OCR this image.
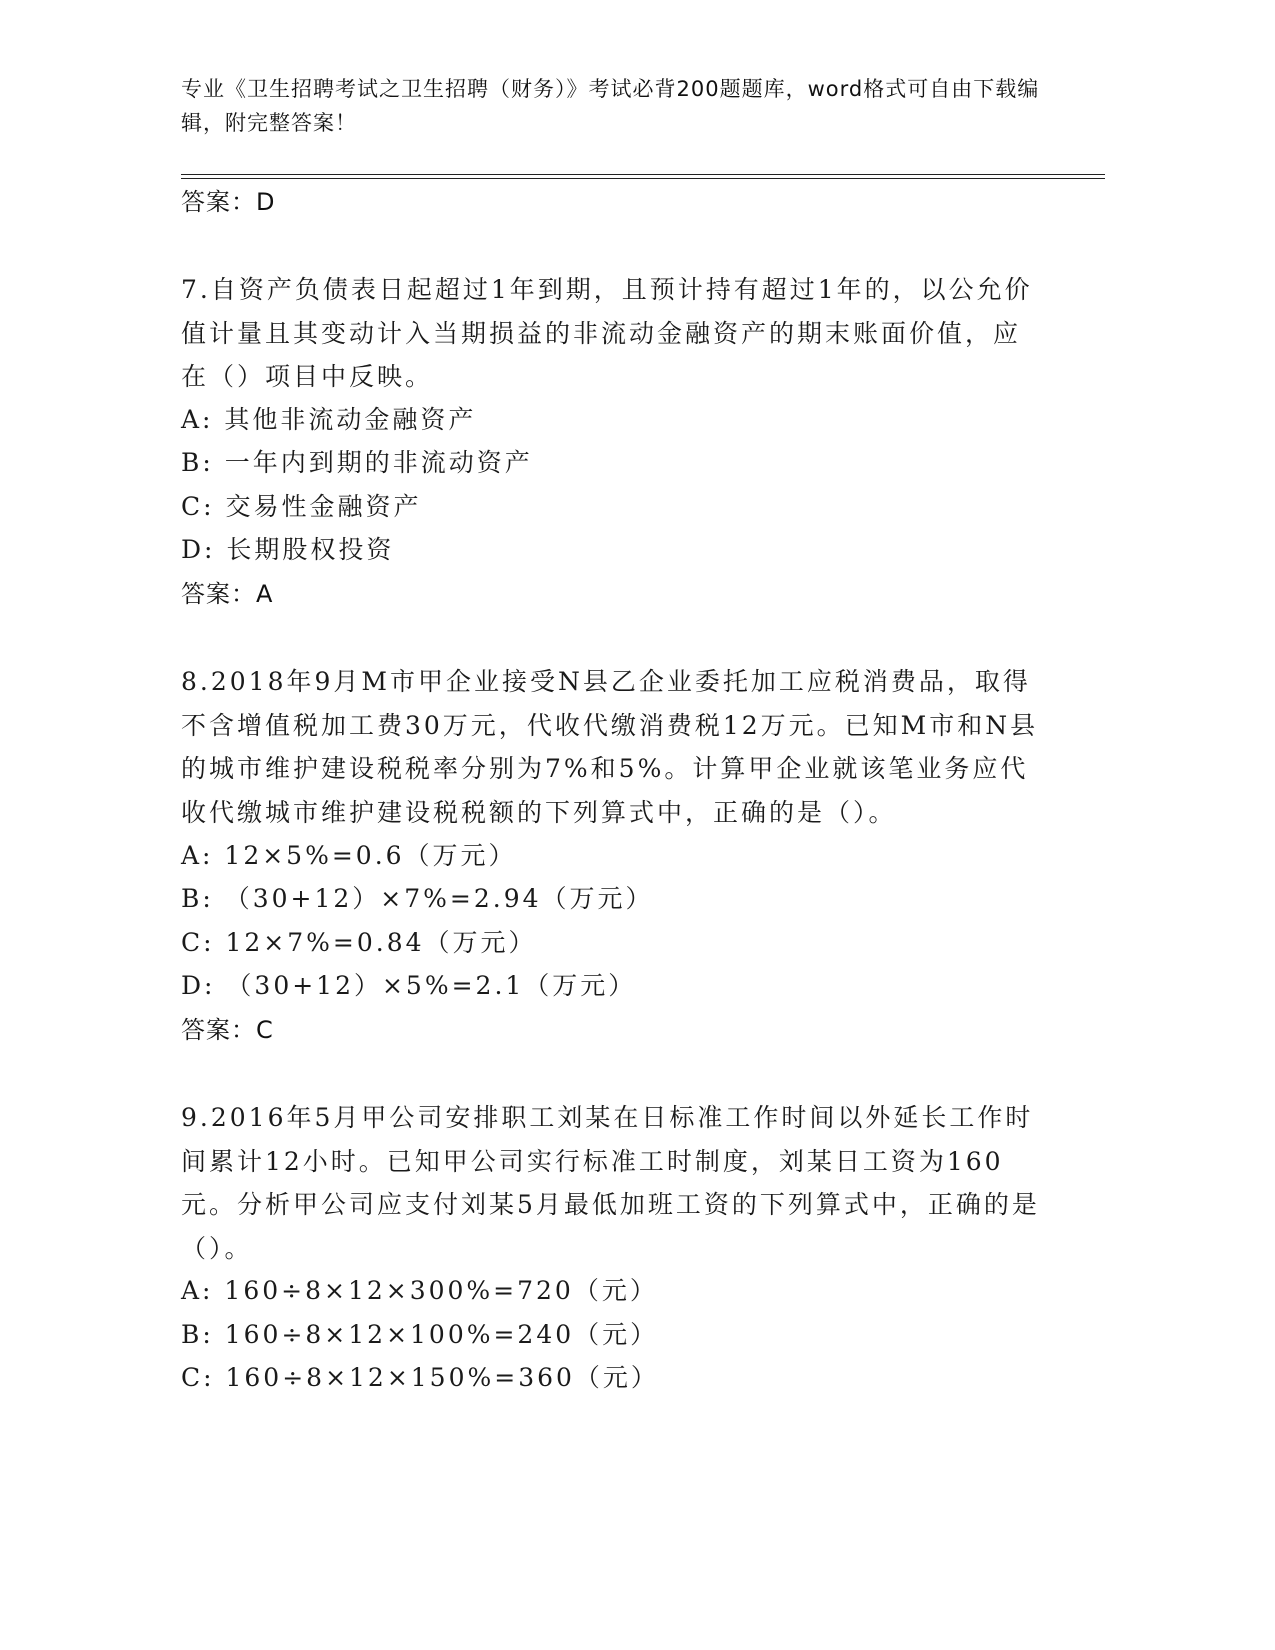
专业《卫生招聘考试之卫生招聘（财务）》考试必背200题题库，word格式可自由下载编辑，附完整答案！
答案：D
7.自资产负债表日起超过1年到期，且预计持有超过1年的，以公允价值计量且其变动计入当期损益的非流动金融资产的期末账面价值，应在（）项目中反映。
A: 其他非流动金融资产
B: 一年内到期的非流动资产
C: 交易性金融资产
D: 长期股权投资
答案：A
8.2018年9月M市甲企业接受N县乙企业委托加工应税消费品，取得不含增值税加工费30万元，代收代缴消费税12万元。已知M市和N县的城市维护建设税税率分别为7%和5%。计算甲企业就该笔业务应代收代缴城市维护建设税税额的下列算式中，正确的是（）。
A: 12×5%=0.6（万元）
B: （30+12）×7%=2.94（万元）
C: 12×7%=0.84（万元）
D: （30+12）×5%=2.1（万元）
答案：C
9.2016年5月甲公司安排职工刘某在日标准工作时间以外延长工作时间累计12小时。已知甲公司实行标准工时制度，刘某日工资为160元。分析甲公司应支付刘某5月最低加班工资的下列算式中，正确的是（）。
A: 160÷8×12×300%=720（元）
B: 160÷8×12×100%=240（元）
C: 160÷8×12×150%=360（元）
